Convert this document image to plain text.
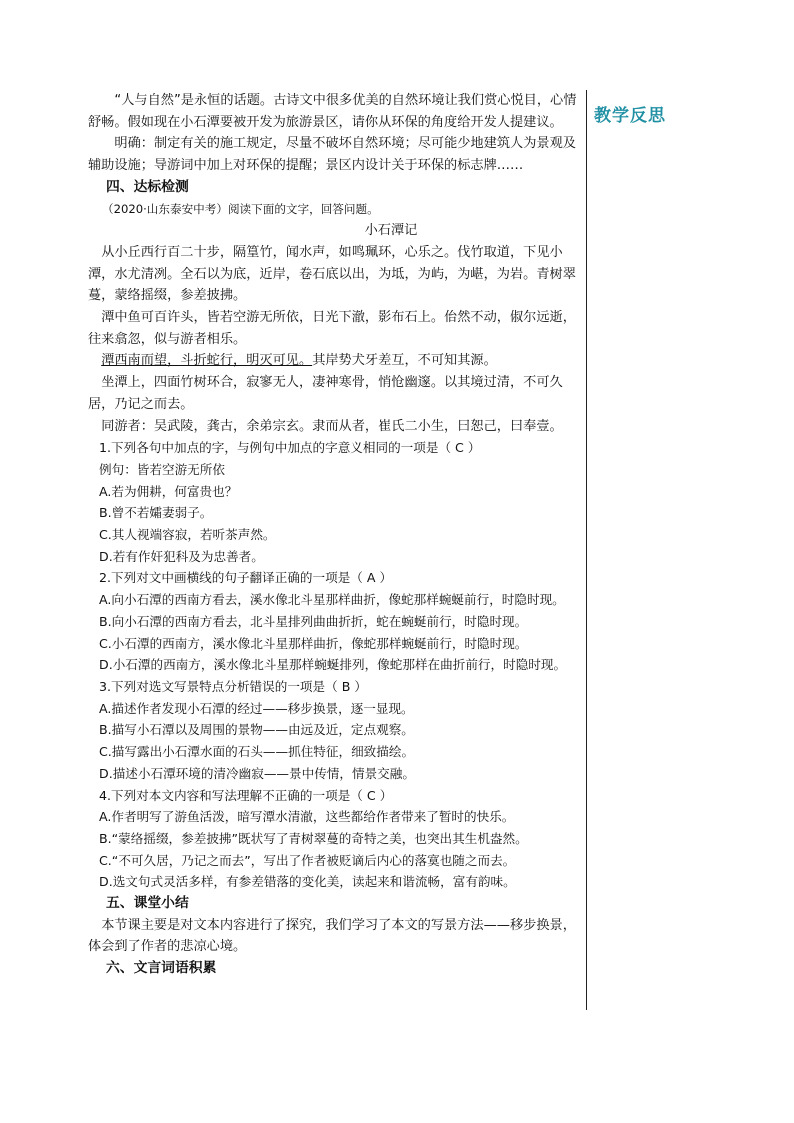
“人与自然”是永恒的话题。古诗文中很多优美的自然环境让我们赏心悦目，心情舒畅。假如现在小石潭要被开发为旅游景区，请你从环保的角度给开发人提建议。

明确：制定有关的施工规定，尽量不破坏自然环境；尽可能少地建筑人为景观及辅助设施；导游词中加上对环保的提醒；景区内设计关于环保的标志牌……

四、达标检测

（2020·山东泰安中考）阅读下面的文字，回答问题。

小石潭记

从小丘西行百二十步，隔篁竹，闻水声，如鸣珮环，心乐之。伐竹取道，下见小潭，水尤清冽。全石以为底，近岸，卷石底以出，为坻，为屿，为嵁，为岩。青树翠蔓，蒙络摇缀，参差披拂。

潭中鱼可百许头，皆若空游无所依，日光下澈，影布石上。佁然不动，俶尔远逝，往来翕忽，似与游者相乐。

潭西南而望，斗折蛇行，明灭可见。其岸势犬牙差互，不可知其源。

坐潭上，四面竹树环合，寂寥无人，凄神寒骨，悄怆幽邃。以其境过清，不可久居，乃记之而去。

同游者：吴武陵，龚古，余弟宗玄。隶而从者，崔氏二小生，曰恕己，曰奉壹。

1.下列各句中加点的字，与例句中加点的字意义相同的一项是（ C ）

例句：皆若空游无所依

A.若为佣耕，何富贵也？

B.曾不若孀妻弱子。

C.其人视端容寂，若听茶声然。

D.若有作奸犯科及为忠善者。

2.下列对文中画横线的句子翻译正确的一项是（ A ）

A.向小石潭的西南方看去，溪水像北斗星那样曲折，像蛇那样蜿蜒前行，时隐时现。

B.向小石潭的西南方看去，北斗星排列曲曲折折，蛇在蜿蜒前行，时隐时现。

C.小石潭的西南方，溪水像北斗星那样曲折，像蛇那样蜿蜒前行，时隐时现。

D.小石潭的西南方，溪水像北斗星那样蜿蜒排列，像蛇那样在曲折前行，时隐时现。

3.下列对选文写景特点分析错误的一项是（ B ）

A.描述作者发现小石潭的经过——移步换景，逐一显现。

B.描写小石潭以及周围的景物——由远及近，定点观察。

C.描写露出小石潭水面的石头——抓住特征，细致描绘。

D.描述小石潭环境的清冷幽寂——景中传情，情景交融。

4.下列对本文内容和写法理解不正确的一项是（ C ）

A.作者明写了游鱼活泼，暗写潭水清澈，这些都给作者带来了暂时的快乐。

B.“蒙络摇缀，参差披拂”既状写了青树翠蔓的奇特之美，也突出其生机盎然。

C.“不可久居，乃记之而去”，写出了作者被贬谪后内心的落寞也随之而去。

D.选文句式灵活多样，有参差错落的变化美，读起来和谐流畅，富有韵味。

五、课堂小结

本节课主要是对文本内容进行了探究，我们学习了本文的写景方法——移步换景，体会到了作者的悲凉心境。

六、文言词语积累

教学反思
